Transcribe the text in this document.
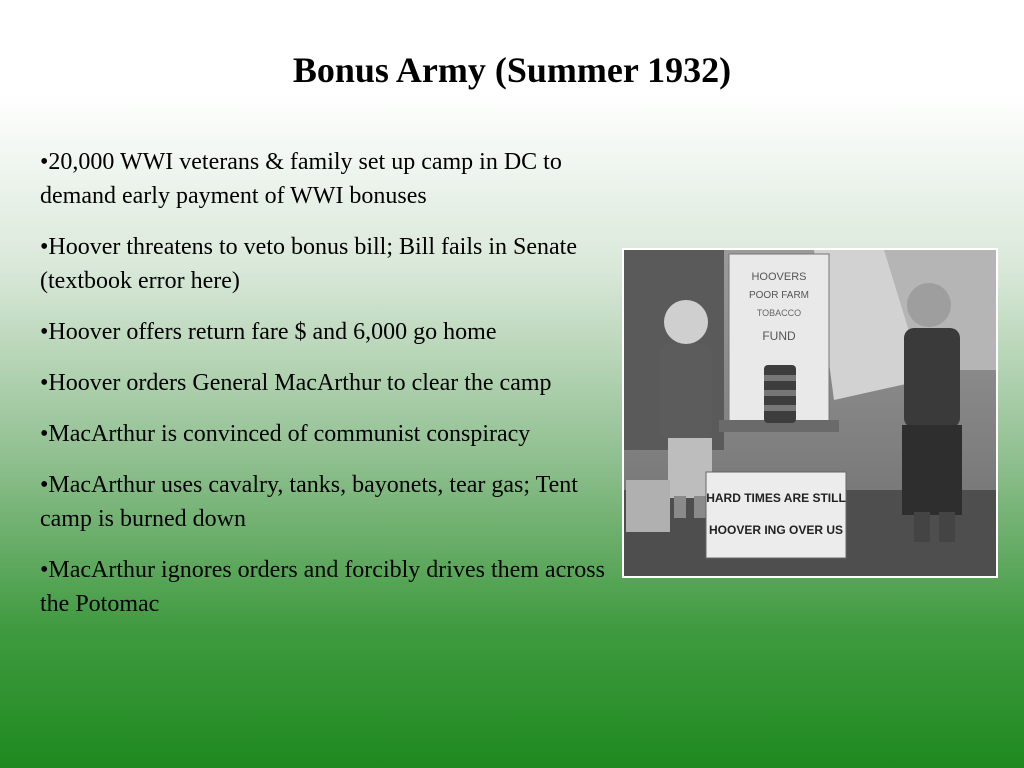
Bonus Army (Summer 1932)
•20,000 WWI veterans & family set up camp in DC to demand early payment of WWI bonuses
•Hoover threatens to veto bonus bill; Bill fails in Senate (textbook error here)
•Hoover offers return fare $ and 6,000 go home
•Hoover orders General MacArthur to clear the camp
•MacArthur is convinced of communist conspiracy
•MacArthur uses cavalry, tanks, bayonets, tear gas; Tent camp is burned down
•MacArthur ignores orders and forcibly drives them across the Potomac
HOOVERS
POOR FARM
TOBACCO
FUND
HARD TIMES ARE STILL
HOOVER ING OVER US
